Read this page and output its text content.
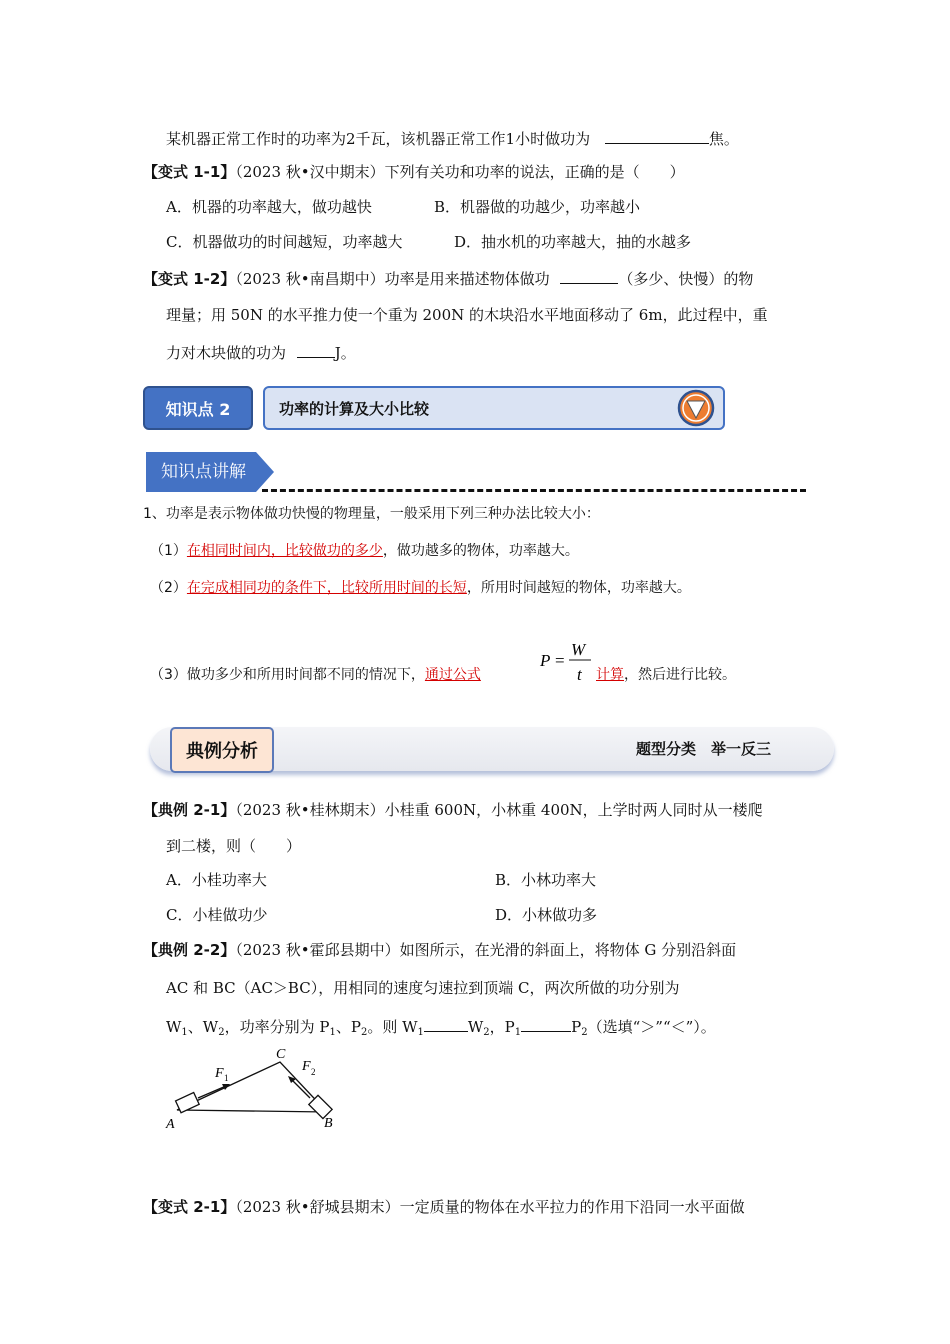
某机器正常工作时的功率为2千瓦，该机器正常工作1小时做功为	焦。
【变式 1-1】（2023 秋•汉中期末）下列有关功和功率的说法，正确的是（　　）
A．机器的功率越大，做功越快	B．机器做的功越少，功率越小
C．机器做功的时间越短，功率越大	D．抽水机的功率越大，抽的水越多
【变式 1-2】（2023 秋•南昌期中）功率是用来描述物体做功	（多少、快慢）的物
理量；用 50N 的水平推力使一个重为 200N 的木块沿水平地面移动了 6m，此过程中，重
力对木块做的功为	J。
知识点 2	功率的计算及大小比较
知识点讲解
1、功率是表示物体做功快慢的物理量，一般采用下列三种办法比较大小：
（1）在相同时间内，比较做功的多少，做功越多的物体，功率越大。
（2）在完成相同功的条件下，比较所用时间的长短，所用时间越短的物体，功率越大。
（3）做功多少和所用时间都不同的情况下，通过公式
P =
W
t 计算，然后进行比较。
典例分析	题型分类　举一反三
【典例 2-1】（2023 秋•桂林期末）小桂重 600N，小林重 400N，上学时两人同时从一楼爬
到二楼，则（　　）
A．小桂功率大	B．小林功率大
C．小桂做功少	D．小林做功多
【典例 2-2】（2023 秋•霍邱县期中）如图所示，在光滑的斜面上，将物体 G 分别沿斜面
AC 和 BC（AC＞BC），用相同的速度匀速拉到顶端 C，两次所做的功分别为
$W_1$、$W_2$，功率分别为 $P_1$、$P_2$。则 $W_1$	$W_2$，$P_1$	$P_2$（选填“＞”“＜”）。
F 1
F 2
C
A	B
【变式 2-1】（2023 秋•舒城县期末）一定质量的物体在水平拉力的作用下沿同一水平面做
